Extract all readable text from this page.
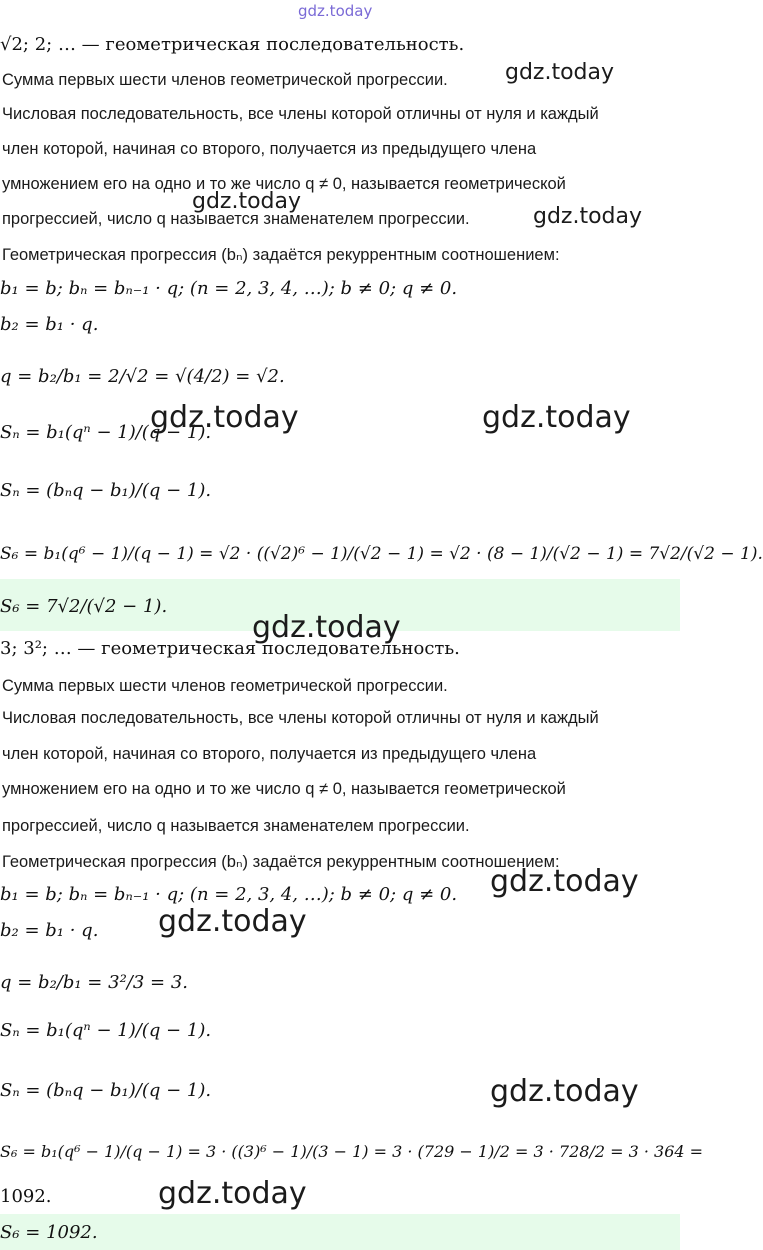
gdz.today
√2; 2; … — геометрическая последовательность.
Сумма первых шести членов геометрической прогрессии.
Числовая последовательность, все члены которой отличны от нуля и каждый
член которой, начиная со второго, получается из предыдущего члена
умножением его на одно и то же число q ≠ 0, называется геометрической
прогрессией, число q называется знаменателем прогрессии.
Геометрическая прогрессия (bₙ) задаётся рекуррентным соотношением:
b₁ = b; bₙ = bₙ₋₁ · q; (n = 2, 3, 4, …); b ≠ 0; q ≠ 0.
b₂ = b₁ · q.
q = b₂/b₁ = 2/√2 = √(4/2) = √2.
Sₙ = b₁(qⁿ − 1)/(q − 1).
Sₙ = (bₙq − b₁)/(q − 1).
S₆ = b₁(q⁶ − 1)/(q − 1) = √2 · ((√2)⁶ − 1)/(√2 − 1) = √2 · (8 − 1)/(√2 − 1) = 7√2/(√2 − 1).
S₆ = 7√2/(√2 − 1).
3; 3²; … — геометрическая последовательность.
Сумма первых шести членов геометрической прогрессии.
Числовая последовательность, все члены которой отличны от нуля и каждый
член которой, начиная со второго, получается из предыдущего члена
умножением его на одно и то же число q ≠ 0, называется геометрической
прогрессией, число q называется знаменателем прогрессии.
Геометрическая прогрессия (bₙ) задаётся рекуррентным соотношением:
b₁ = b; bₙ = bₙ₋₁ · q; (n = 2, 3, 4, …); b ≠ 0; q ≠ 0.
b₂ = b₁ · q.
q = b₂/b₁ = 3²/3 = 3.
Sₙ = b₁(qⁿ − 1)/(q − 1).
Sₙ = (bₙq − b₁)/(q − 1).
S₆ = b₁(q⁶ − 1)/(q − 1) = 3 · ((3)⁶ − 1)/(3 − 1) = 3 · (729 − 1)/2 = 3 · 728/2 = 3 · 364 =
1092.
S₆ = 1092.
gdz.today
gdz.today
gdz.today
gdz.today	gdz.today
gdz.today
gdz.today
gdz.today
gdz.today
gdz.today
